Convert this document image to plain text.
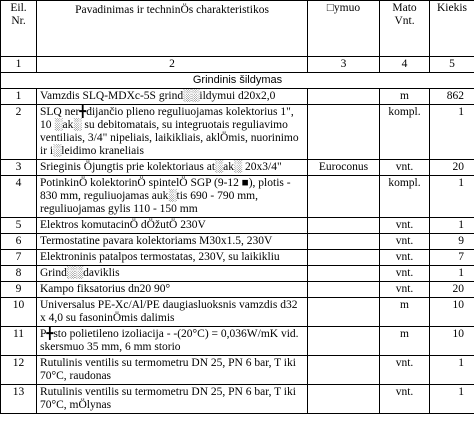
Eil. Nr.	Pavadinimas ir techninÖs charakteristikos	□ymuo	Mato Vnt.	Kiekis
1	2	3	4	5
Grindinis šildymas				
1	Vamzdis SLQ-MDXc-5S grind░░ildymui d20x2,0		m	862
2	SLQ ner╋dijančio plieno reguliuojamas kolektorius 1", 10 ░ak░ su debitomatais, su integruotais reguliavimo ventiliais, 3/4" nipeliais, laikikliais, aklÖmis, nuorinimo ir i░leidimo kraneliais		kompl.	1
3	Srieginis Öjungtis prie kolektoriaus at░ak░ 20x3/4"	Euroconus	vnt.	20
4	PotinkinÖ kolektorinÖ spintelÖ SGP (9-12 ■), plotis - 830 mm, reguliuojamas auk░tis 690 - 790 mm, reguliuojamas gylis 110 - 150 mm		kompl.	1
5	Elektros komutacinÖ dÖžutÖ 230V		vnt.	1
6	Termostatine pavara kolektoriams M30x1.5, 230V		vnt.	9
7	Elektroninis patalpos termostatas, 230V, su laikikliu		vnt.	7
8	Grind░░daviklis		vnt.	1
9	Kampo fiksatorius dn20 90°		vnt.	20
10	Universalus PE-Xc/Al/PE daugiasluoksnis vamzdis d32 x 4,0 su fasoninÖmis dalimis		m	10
11	P╋sto polietileno izoliacija - -(20°C) = 0,036W/mK vid. skersmuo 35 mm, 6 mm storio		m	10
12	Rutulinis ventilis su termometru DN 25, PN 6 bar, T iki 70°C, raudonas		vnt.	1
13	Rutulinis ventilis su termometru DN 25, PN 6 bar, T iki 70°C, mÖlynas		vnt.	1
